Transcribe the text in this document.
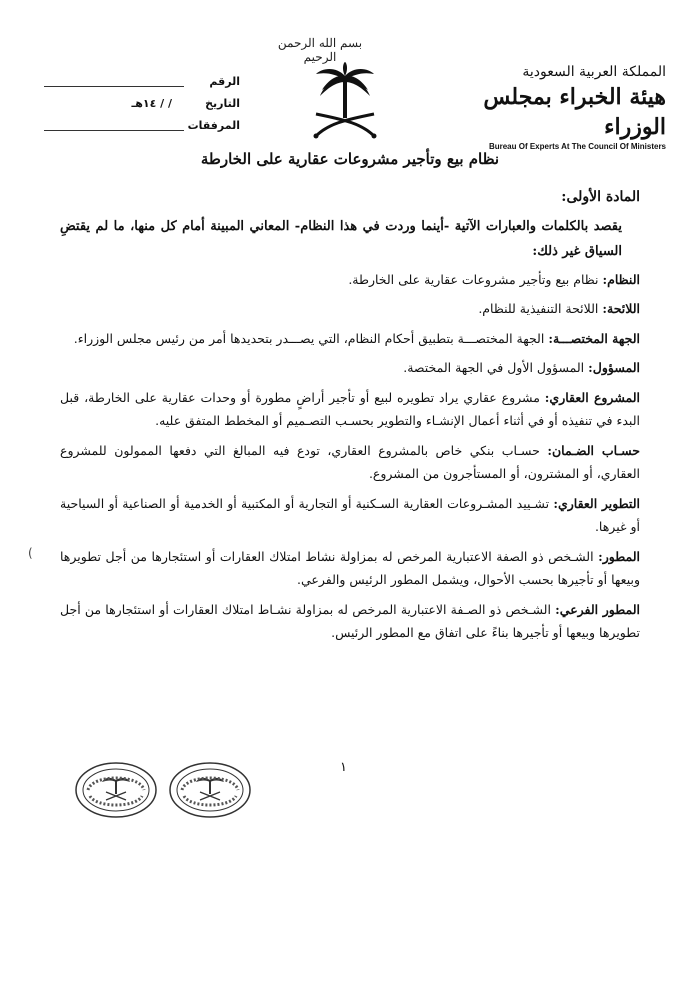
بسم الله الرحمن الرحيم
المملكة العربية السعودية
هيئة الخبراء بمجلس الوزراء
Bureau Of Experts At The Council Of Ministers
الرقم
التاريخ
/ / ١٤هـ
المرفقات
نظام بيع وتأجير مشروعات عقارية على الخارطة
المادة الأولى:
يقصد بالكلمات والعبارات الآتية -أينما وردت في هذا النظام- المعاني المبينة أمام كل منها، ما لم يقتضِ السياق غير ذلك:
النظام: نظام بيع وتأجير مشروعات عقارية على الخارطة.
اللائحة: اللائحة التنفيذية للنظام.
الجهة المختصـــة: الجهة المختصـــة بتطبيق أحكام النظام، التي يصـــدر بتحديدها أمر من رئيس مجلس الوزراء.
المسؤول: المسؤول الأول في الجهة المختصة.
المشروع العقاري: مشروع عقاري يراد تطويره لبيع أو تأجير أراضٍ مطورة أو وحدات عقارية على الخارطة، قبل البدء في تنفيذه أو في أثناء أعمال الإنشـاء والتطوير بحسـب التصـميم أو المخطط المتفق عليه.
حسـاب الضـمان: حسـاب بنكي خاص بالمشروع العقاري، تودع فيه المبالغ التي دفعها الممولون للمشروع العقاري، أو المشترون، أو المستأجرون من المشروع.
التطوير العقاري: تشـييد المشـروعات العقارية السـكنية أو التجارية أو المكتبية أو الخدمية أو الصناعية أو السياحية أو غيرها.
المطور: الشـخص ذو الصفة الاعتبارية المرخص له بمزاولة نشاط امتلاك العقارات أو استئجارها من أجل تطويرها وبيعها أو تأجيرها بحسب الأحوال، ويشمل المطور الرئيس والفرعي.
المطور الفرعي: الشـخص ذو الصـفة الاعتبارية المرخص له بمزاولة نشـاط امتلاك العقارات أو استئجارها من أجل تطويرها وبيعها أو تأجيرها بناءً على اتفاق مع المطور الرئيس.
(
١
